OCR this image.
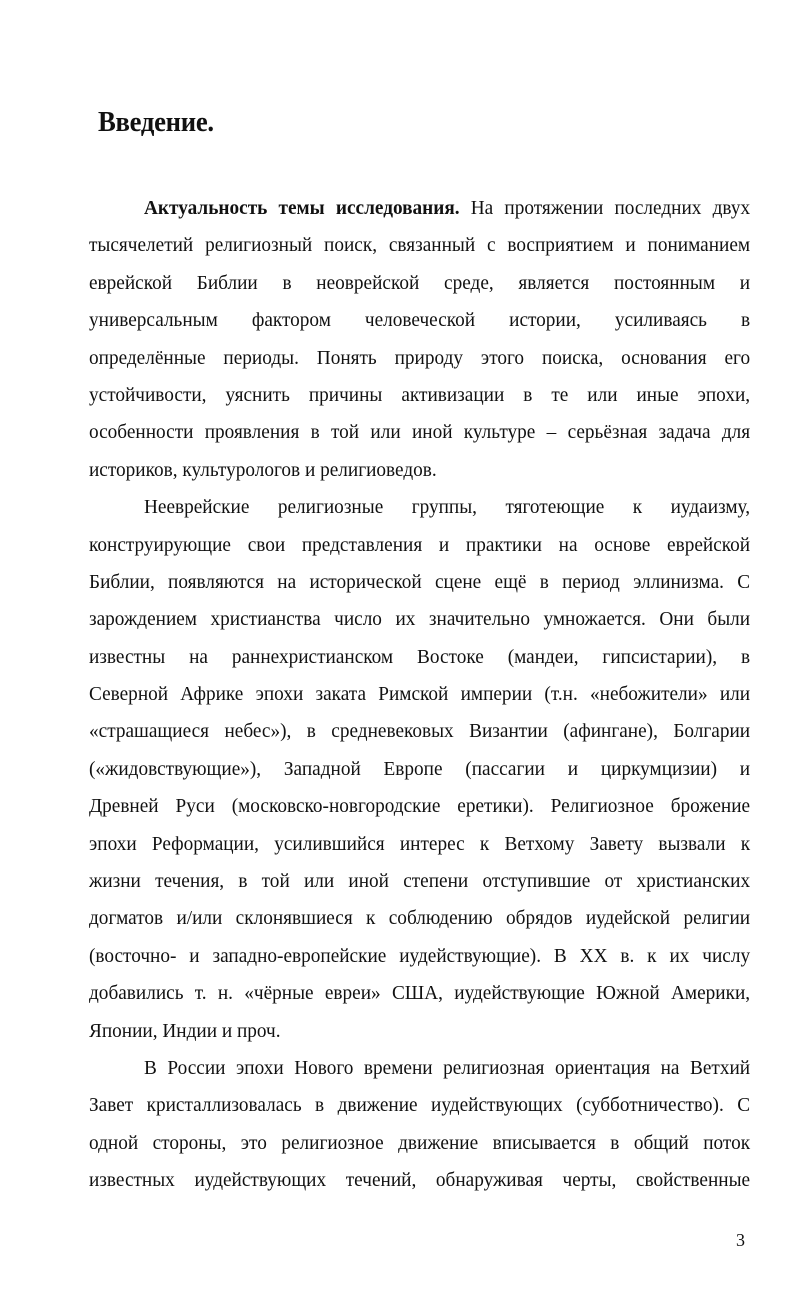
Введение.
Актуальность темы исследования. На протяжении последних двух
тысячелетий религиозный поиск, связанный с восприятием и пониманием
еврейской Библии в неоврейской среде, является постоянным и
универсальным фактором человеческой истории, усиливаясь в
определённые периоды. Понять природу этого поиска, основания его
устойчивости, уяснить причины активизации в те или иные эпохи,
особенности проявления в той или иной культуре – серьёзная задача для
историков, культурологов и религиоведов.
Нееврейские религиозные группы, тяготеющие к иудаизму,
конструирующие свои представления и практики на основе еврейской
Библии, появляются на исторической сцене ещё в период эллинизма. С
зарождением христианства число их значительно умножается. Они были
известны на раннехристианском Востоке (мандеи, гипсистарии), в
Северной Африке эпохи заката Римской империи (т.н. «небожители» или
«страшащиеся небес»), в средневековых Византии (афингане), Болгарии
(«жидовствующие»), Западной Европе (пассагии и циркумцизии) и
Древней Руси (московско-новгородские еретики). Религиозное брожение
эпохи Реформации, усилившийся интерес к Ветхому Завету вызвали к
жизни течения, в той или иной степени отступившие от христианских
догматов и/или склонявшиеся к соблюдению обрядов иудейской религии
(восточно- и западно-европейские иудействующие). В XX в. к их числу
добавились т. н. «чёрные евреи» США, иудействующие Южной Америки,
Японии, Индии и проч.
В России эпохи Нового времени религиозная ориентация на Ветхий
Завет кристаллизовалась в движение иудействующих (субботничество). С
одной стороны, это религиозное движение вписывается в общий поток
известных иудействующих течений, обнаруживая черты, свойственные
3
